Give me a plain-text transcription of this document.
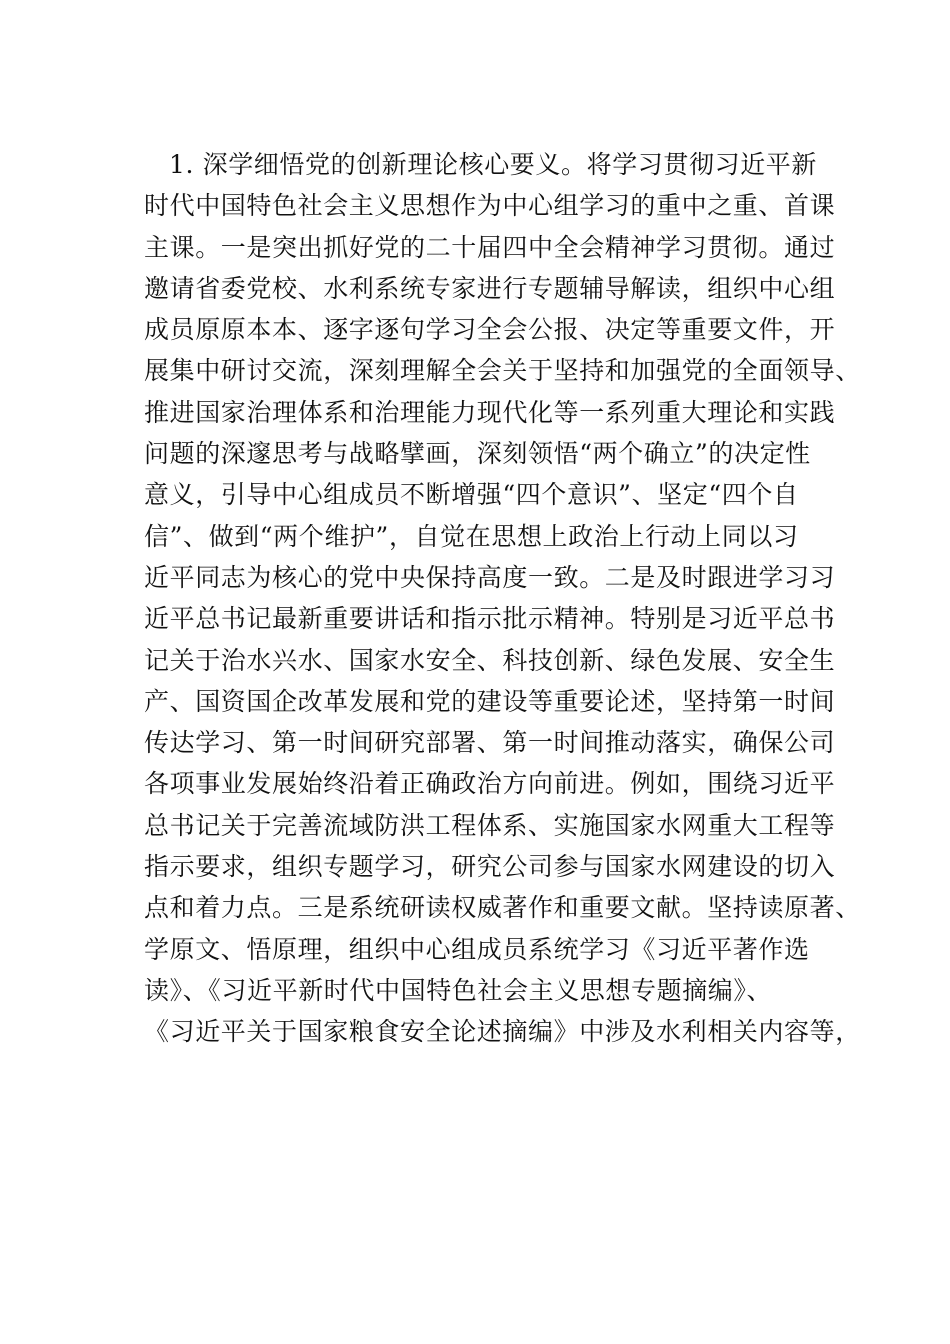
1. 深学细悟党的创新理论核心要义。将学习贯彻习近平新
时代中国特色社会主义思想作为中心组学习的重中之重、首课
主课。一是突出抓好党的二十届四中全会精神学习贯彻。通过
邀请省委党校、水利系统专家进行专题辅导解读，组织中心组
成员原原本本、逐字逐句学习全会公报、决定等重要文件，开
展集中研讨交流，深刻理解全会关于坚持和加强党的全面领导、
推进国家治理体系和治理能力现代化等一系列重大理论和实践
问题的深邃思考与战略擘画，深刻领悟“两个确立”的决定性
意义，引导中心组成员不断增强“四个意识”、坚定“四个自
信”、做到“两个维护”，自觉在思想上政治上行动上同以习
近平同志为核心的党中央保持高度一致。二是及时跟进学习习
近平总书记最新重要讲话和指示批示精神。特别是习近平总书
记关于治水兴水、国家水安全、科技创新、绿色发展、安全生
产、国资国企改革发展和党的建设等重要论述，坚持第一时间
传达学习、第一时间研究部署、第一时间推动落实，确保公司
各项事业发展始终沿着正确政治方向前进。例如，围绕习近平
总书记关于完善流域防洪工程体系、实施国家水网重大工程等
指示要求，组织专题学习，研究公司参与国家水网建设的切入
点和着力点。三是系统研读权威著作和重要文献。坚持读原著、
学原文、悟原理，组织中心组成员系统学习《习近平著作选
读》、《习近平新时代中国特色社会主义思想专题摘编》、
《习近平关于国家粮食安全论述摘编》中涉及水利相关内容等，
